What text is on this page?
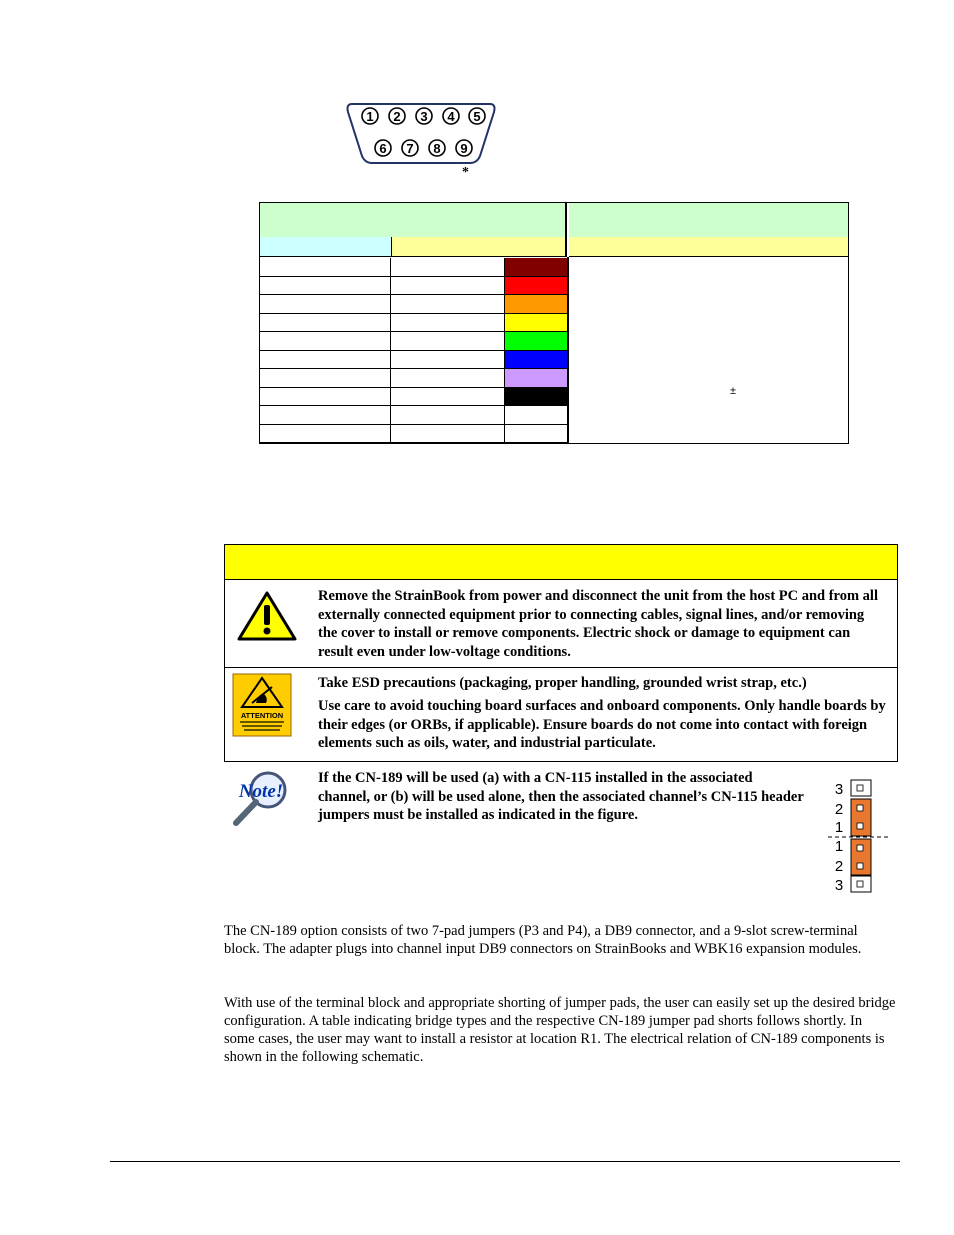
1 2 3 4 5
6 7 8 9
*
±
Remove the StrainBook from power and disconnect the unit from the host PC and from all externally connected equipment prior to connecting cables, signal lines, and/or removing the cover to install or remove components. Electric shock or damage to equipment can result even under low-voltage conditions.
ATTENTION
Take ESD precautions (packaging, proper handling, grounded wrist strap, etc.)
Use care to avoid touching board surfaces and onboard components. Only handle boards by their edges (or ORBs, if applicable). Ensure boards do not come into contact with foreign elements such as oils, water, and industrial particulate.
Note!
If the CN-189 will be used (a) with a CN-115 installed in the associated channel, or (b) will be used alone, then the associated channel’s CN-115 header jumpers must be installed as indicated in the figure.
3
2
1
1
2
3
The CN-189 option consists of two 7-pad jumpers (P3 and P4), a DB9 connector, and a 9-slot screw-terminal block. The adapter plugs into channel input DB9 connectors on StrainBooks and WBK16 expansion modules.
With use of the terminal block and appropriate shorting of jumper pads, the user can easily set up the desired bridge configuration. A table indicating bridge types and the respective CN-189 jumper pad shorts follows shortly. In some cases, the user may want to install a resistor at location R1. The electrical relation of CN-189 components is shown in the following schematic.
